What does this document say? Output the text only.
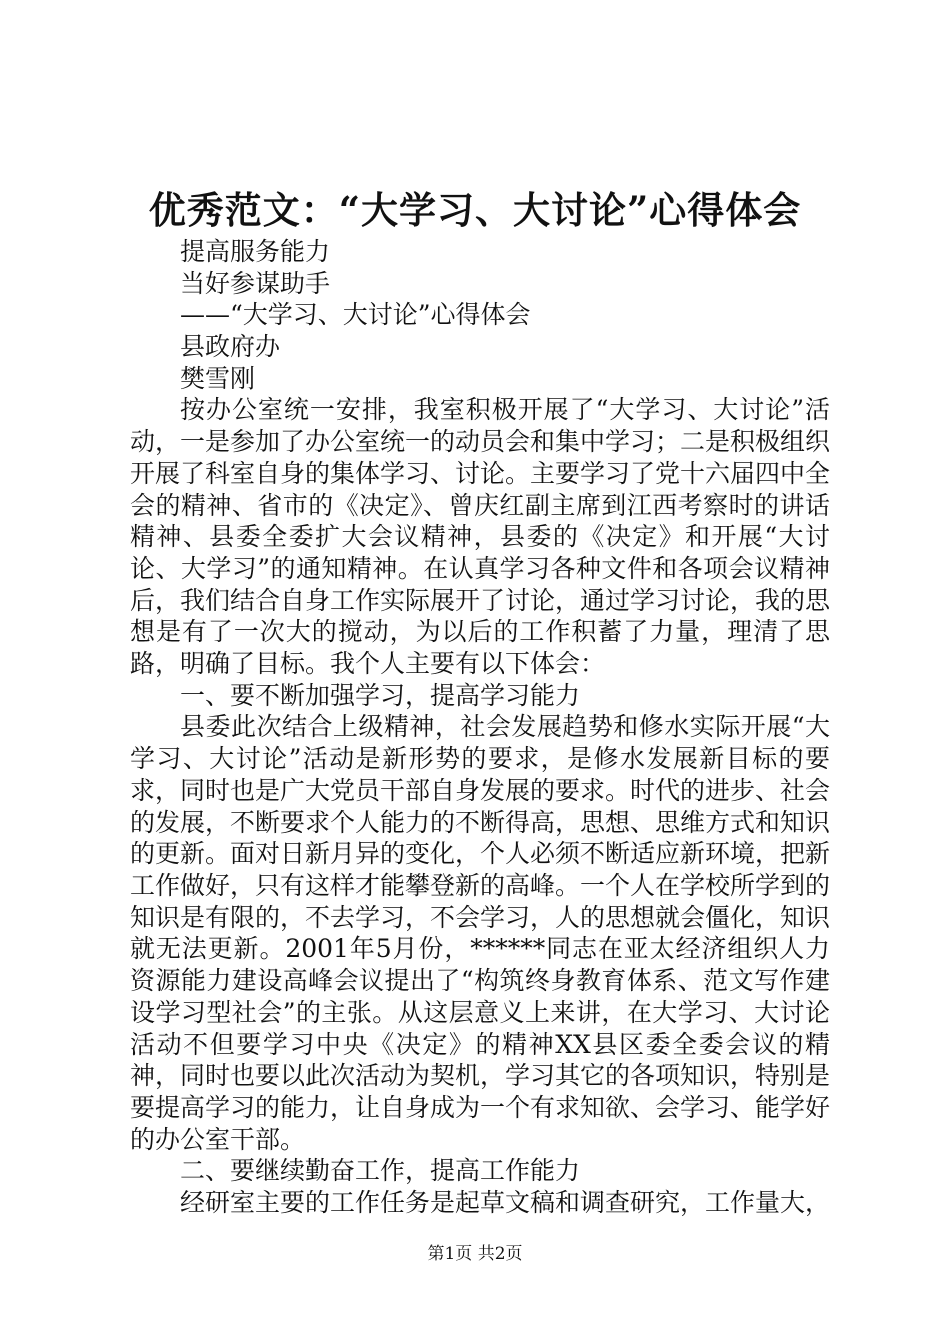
优秀范文：“大学习、大讨论”心得体会
提高服务能力
当好参谋助手
——“大学习、大讨论”心得体会
县政府办
樊雪刚

按办公室统一安排，我室积极开展了“大学习、大讨论”活动，一是参加了办公室统一的动员会和集中学习；二是积极组织开展了科室自身的集体学习、讨论。主要学习了党十六届四中全会的精神、省市的《决定》、曾庆红副主席到江西考察时的讲话精神、县委全委扩大会议精神，县委的《决定》和开展“大讨论、大学习”的通知精神。在认真学习各种文件和各项会议精神后，我们结合自身工作实际展开了讨论，通过学习讨论，我的思想是有了一次大的搅动，为以后的工作积蓄了力量，理清了思路，明确了目标。我个人主要有以下体会：

一、要不断加强学习，提高学习能力

县委此次结合上级精神，社会发展趋势和修水实际开展“大学习、大讨论”活动是新形势的要求，是修水发展新目标的要求，同时也是广大党员干部自身发展的要求。时代的进步、社会的发展，不断要求个人能力的不断得高，思想、思维方式和知识的更新。面对日新月异的变化，个人必须不断适应新环境，把新工作做好，只有这样才能攀登新的高峰。一个人在学校所学到的知识是有限的，不去学习，不会学习，人的思想就会僵化，知识就无法更新。2001年5月份，******同志在亚太经济组织人力资源能力建设高峰会议提出了“构筑终身教育体系、范文写作建设学习型社会”的主张。从这层意义上来讲，在大学习、大讨论活动不但要学习中央《决定》的精神XX县区委全委会议的精神，同时也要以此次活动为契机，学习其它的各项知识，特别是要提高学习的能力，让自身成为一个有求知欲、会学习、能学好的办公室干部。

二、要继续勤奋工作，提高工作能力

经研室主要的工作任务是起草文稿和调查研究，工作量大，

第1页 共2页
